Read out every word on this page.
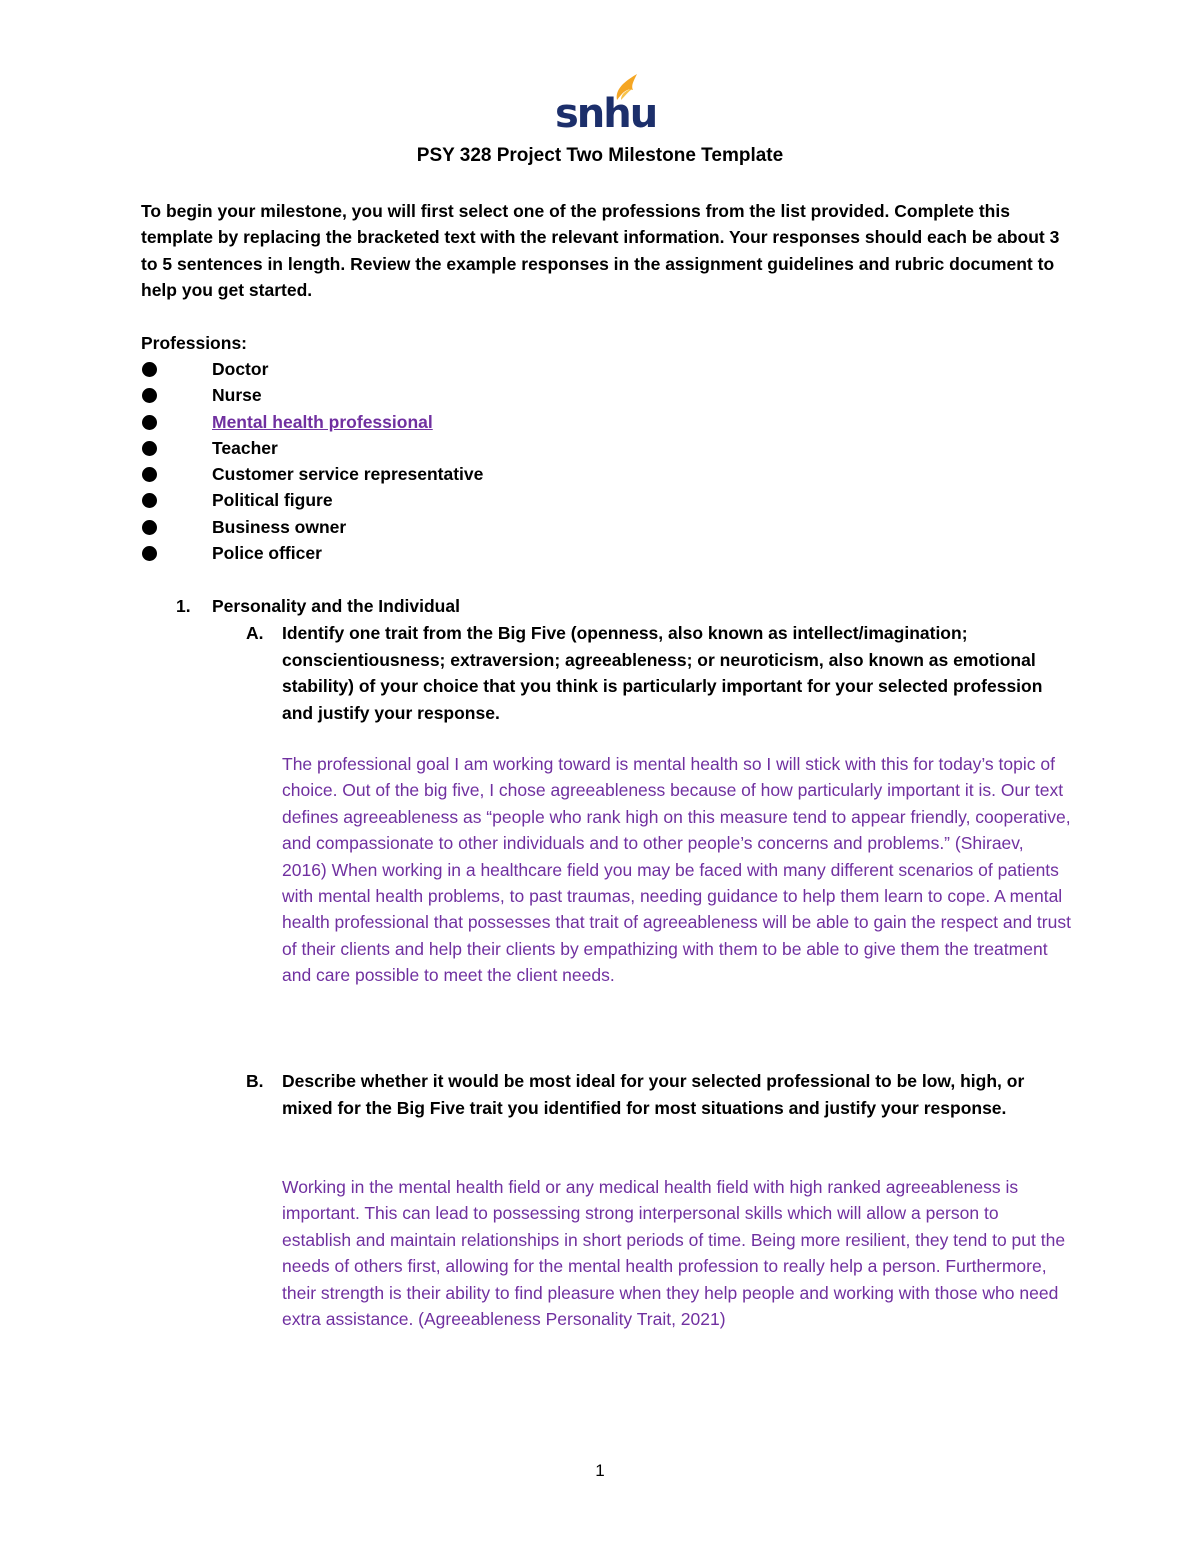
snhu
PSY 328 Project Two Milestone Template
To begin your milestone, you will first select one of the professions from the list provided. Complete this template by replacing the bracketed text with the relevant information. Your responses should each be about 3 to 5 sentences in length. Review the example responses in the assignment guidelines and rubric document to help you get started.
Professions:
Doctor
Nurse
Mental health professional
Teacher
Customer service representative
Political figure
Business owner
Police officer
1. Personality and the Individual
A. Identify one trait from the Big Five (openness, also known as intellect/imagination; conscientiousness; extraversion; agreeableness; or neuroticism, also known as emotional stability) of your choice that you think is particularly important for your selected profession and justify your response.
The professional goal I am working toward is mental health so I will stick with this for today’s topic of choice. Out of the big five, I chose agreeableness because of how particularly important it is. Our text defines agreeableness as “people who rank high on this measure tend to appear friendly, cooperative, and compassionate to other individuals and to other people’s concerns and problems.” (Shiraev, 2016) When working in a healthcare field you may be faced with many different scenarios of patients with mental health problems, to past traumas, needing guidance to help them learn to cope. A mental health professional that possesses that trait of agreeableness will be able to gain the respect and trust of their clients and help their clients by empathizing with them to be able to give them the treatment and care possible to meet the client needs.
B. Describe whether it would be most ideal for your selected professional to be low, high, or mixed for the Big Five trait you identified for most situations and justify your response.
Working in the mental health field or any medical health field with high ranked agreeableness is important. This can lead to possessing strong interpersonal skills which will allow a person to establish and maintain relationships in short periods of time. Being more resilient, they tend to put the needs of others first, allowing for the mental health profession to really help a person. Furthermore, their strength is their ability to find pleasure when they help people and working with those who need extra assistance. (Agreeableness Personality Trait, 2021)
1
